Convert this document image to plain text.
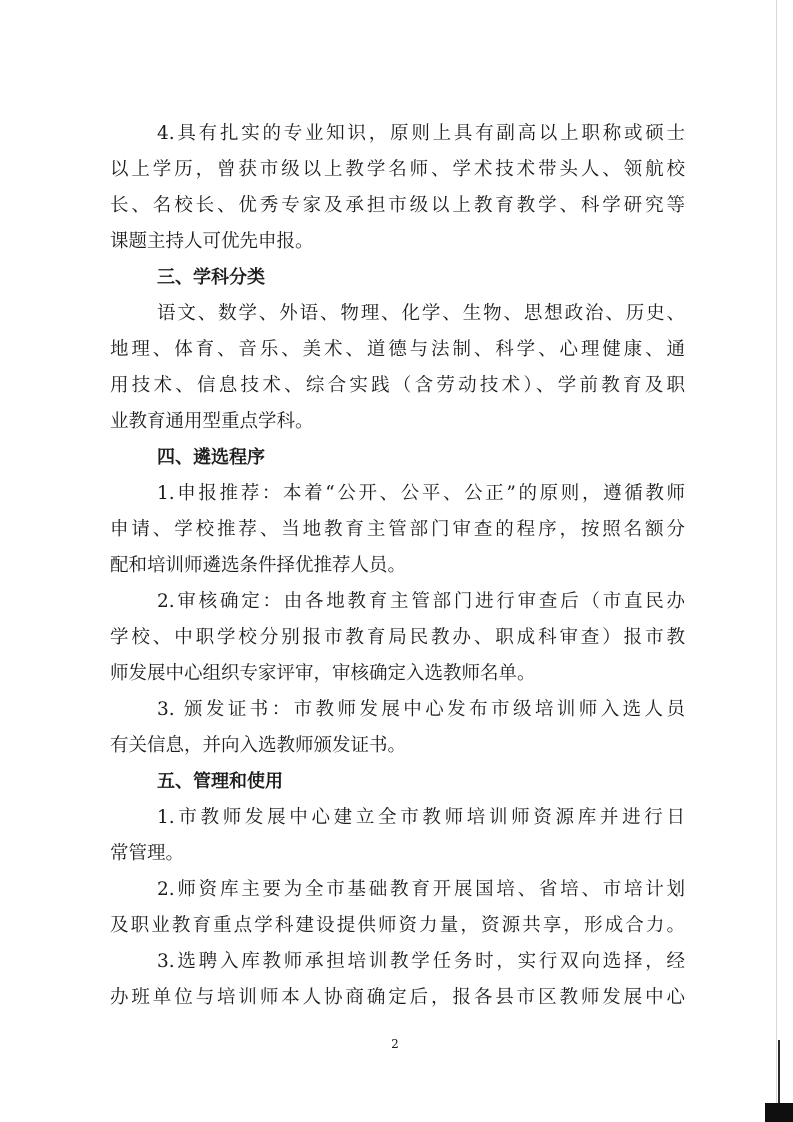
4.具有扎实的专业知识，原则上具有副高以上职称或硕士
以上学历，曾获市级以上教学名师、学术技术带头人、领航校
长、名校长、优秀专家及承担市级以上教育教学、科学研究等
课题主持人可优先申报。
三、学科分类
语文、数学、外语、物理、化学、生物、思想政治、历史、
地理、体育、音乐、美术、道德与法制、科学、心理健康、通
用技术、信息技术、综合实践（含劳动技术）、学前教育及职
业教育通用型重点学科。
四、遴选程序
1.申报推荐：本着“公开、公平、公正”的原则，遵循教师
申请、学校推荐、当地教育主管部门审查的程序，按照名额分
配和培训师遴选条件择优推荐人员。
2.审核确定：由各地教育主管部门进行审查后（市直民办
学校、中职学校分别报市教育局民教办、职成科审查）报市教
师发展中心组织专家评审，审核确定入选教师名单。
3. 颁发证书：市教师发展中心发布市级培训师入选人员
有关信息，并向入选教师颁发证书。
五、管理和使用
1.市教师发展中心建立全市教师培训师资源库并进行日
常管理。
2.师资库主要为全市基础教育开展国培、省培、市培计划
及职业教育重点学科建设提供师资力量，资源共享，形成合力。
3.选聘入库教师承担培训教学任务时，实行双向选择，经
办班单位与培训师本人协商确定后，报各县市区教师发展中心
2
